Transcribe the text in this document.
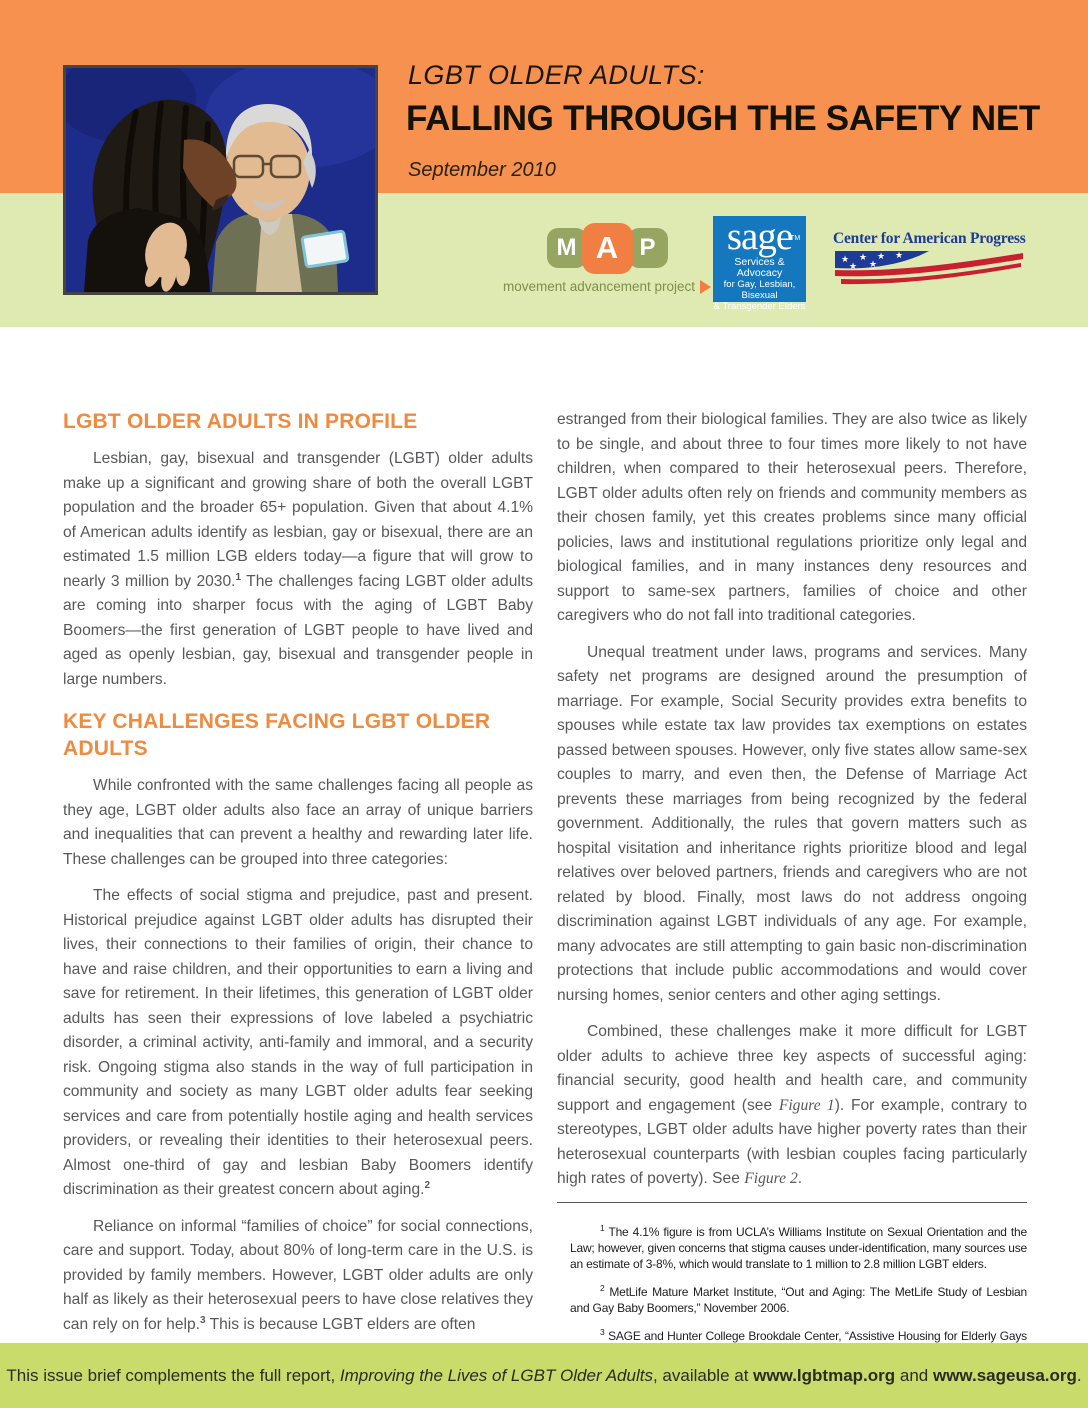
LGBT OLDER ADULTS:
FALLING THROUGH THE SAFETY NET
September 2010
M A P
movement advancement project
sage
TM
Services & Advocacy
for Gay, Lesbian, Bisexual
& Transgender Elders
Center for American Progress
★ ★ ★ ★
★ ★
LGBT OLDER ADULTS IN PROFILE

Lesbian, gay, bisexual and transgender (LGBT) older adults make up a significant and growing share of both the overall LGBT population and the broader 65+ population. Given that about 4.1% of American adults identify as lesbian, gay or bisexual, there are an estimated 1.5 million LGB elders today—a figure that will grow to nearly 3 million by 2030.$^1$ The challenges facing LGBT older adults are coming into sharper focus with the aging of LGBT Baby Boomers—the first generation of LGBT people to have lived and aged as openly lesbian, gay, bisexual and transgender people in large numbers.

KEY CHALLENGES FACING LGBT OLDER ADULTS

While confronted with the same challenges facing all people as they age, LGBT older adults also face an array of unique barriers and inequalities that can prevent a healthy and rewarding later life. These challenges can be grouped into three categories:

The effects of social stigma and prejudice, past and present. Historical prejudice against LGBT older adults has disrupted their lives, their connections to their families of origin, their chance to have and raise children, and their opportunities to earn a living and save for retirement. In their lifetimes, this generation of LGBT older adults has seen their expressions of love labeled a psychiatric disorder, a criminal activity, anti-family and immoral, and a security risk. Ongoing stigma also stands in the way of full participation in community and society as many LGBT older adults fear seeking services and care from potentially hostile aging and health services providers, or revealing their identities to their heterosexual peers. Almost one-third of gay and lesbian Baby Boomers identify discrimination as their greatest concern about aging.$^2$

Reliance on informal “families of choice” for social connections, care and support. Today, about 80% of long-term care in the U.S. is provided by family members. However, LGBT older adults are only half as likely as their heterosexual peers to have close relatives they can rely on for help.$^3$ This is because LGBT elders are often

estranged from their biological families. They are also twice as likely to be single, and about three to four times more likely to not have children, when compared to their heterosexual peers. Therefore, LGBT older adults often rely on friends and community members as their chosen family, yet this creates problems since many official policies, laws and institutional regulations prioritize only legal and biological families, and in many instances deny resources and support to same-sex partners, families of choice and other caregivers who do not fall into traditional categories.

Unequal treatment under laws, programs and services. Many safety net programs are designed around the presumption of marriage. For example, Social Security provides extra benefits to spouses while estate tax law provides tax exemptions on estates passed between spouses. However, only five states allow same-sex couples to marry, and even then, the Defense of Marriage Act prevents these marriages from being recognized by the federal government. Additionally, the rules that govern matters such as hospital visitation and inheritance rights prioritize blood and legal relatives over beloved partners, friends and caregivers who are not related by blood. Finally, most laws do not address ongoing discrimination against LGBT individuals of any age. For example, many advocates are still attempting to gain basic non-discrimination protections that include public accommodations and would cover nursing homes, senior centers and other aging settings.

Combined, these challenges make it more difficult for LGBT older adults to achieve three key aspects of successful aging: financial security, good health and health care, and community support and engagement (see Figure 1). For example, contrary to stereotypes, LGBT older adults have higher poverty rates than their heterosexual counterparts (with lesbian couples facing particularly high rates of poverty). See Figure 2.

$^1$ The 4.1% figure is from UCLA’s Williams Institute on Sexual Orientation and the Law; however, given concerns that stigma causes under-identification, many sources use an estimate of 3-8%, which would translate to 1 million to 2.8 million LGBT elders.

$^2$ MetLife Mature Market Institute, “Out and Aging: The MetLife Study of Lesbian and Gay Baby Boomers,” November 2006.

$^3$ SAGE and Hunter College Brookdale Center, “Assistive Housing for Elderly Gays

This issue brief complements the full report, Improving the Lives of LGBT Older Adults, available at www.lgbtmap.org and www.sageusa.org.
